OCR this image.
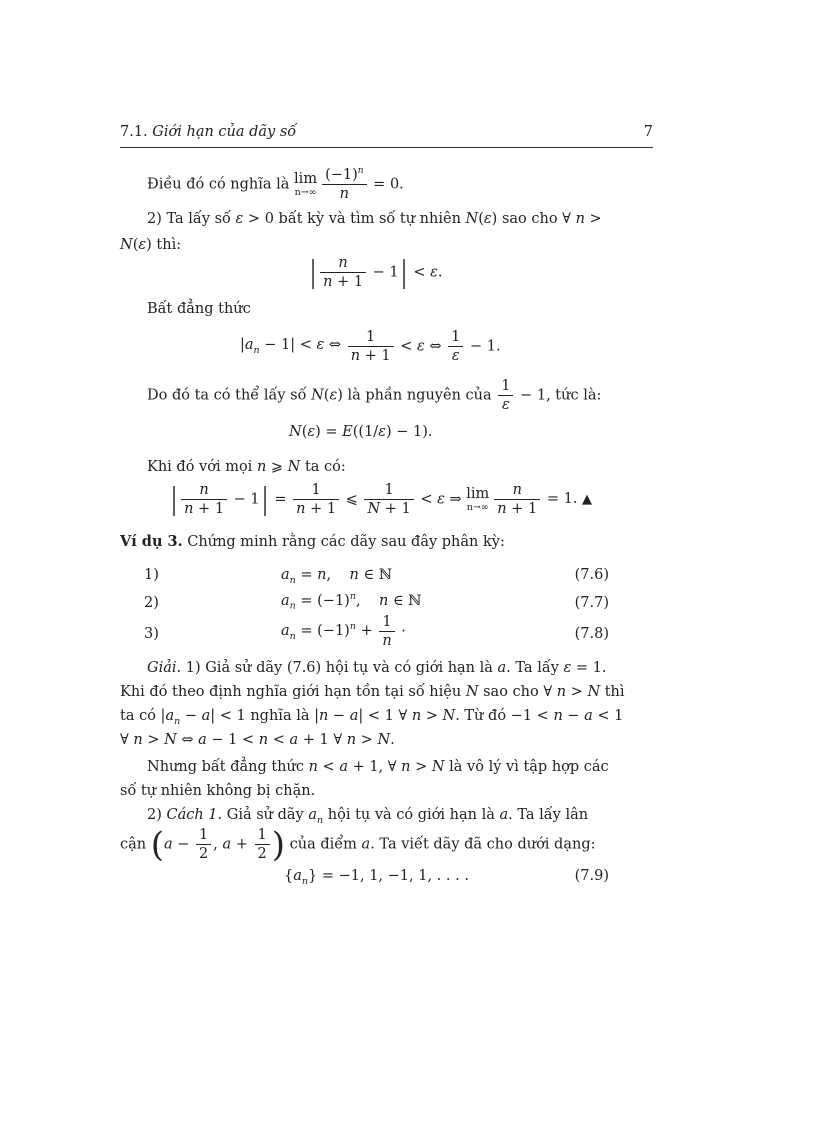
7.1. Giới hạn của dãy số	7
Điều đó có nghĩa là lim
$n\to\infty \frac{(-1)^n}{n} = 0$.
2) Ta lấy số ε > 0 bất kỳ và tìm số tự nhiên N(ε) sao cho ∀ n >
N(ε) thì:
| $\frac{n}{n + 1} - 1| < \varepsilon$.
Bất đẳng thức
$|a_n - 1| < \varepsilon$ ⇔ $\frac{1}{n + 1} < \varepsilon$ ⇔ $\frac{1}{\varepsilon} - 1$.
Do đó ta có thể lấy số N(ε) là phần nguyên của $\frac{1}{\varepsilon} - 1$, tức là:
N(ε) = E((1/ε) − 1).
Khi đó với mọi n ⩾ N ta có:
| $\frac{n}{n + 1} - 1| = \frac{1}{n + 1}$ ⩽ $\frac{1}{N + 1} < \varepsilon$ ⇒ lim
$n\to\infty \frac{n}{n + 1} = 1$. ▲
Ví dụ 3. Chứng minh rằng các dãy sau đây phân kỳ:
1)	$a_n = n$,    n ∈ ℕ	(7.6)
2)	$a_n = (-1)^n$,    n ∈ ℕ	(7.7)
3)	$a_n = (-1)^n + \frac{1}{n}$ ·	(7.8)
Giải. 1) Giả sử dãy (7.6) hội tụ và có giới hạn là a. Ta lấy ε = 1.
Khi đó theo định nghĩa giới hạn tồn tại số hiệu N sao cho ∀ n > N thì
ta có $|a_n - a| < 1$ nghĩa là |n − a| < 1 ∀ n > N. Từ đó −1 < n − a < 1
∀ n > N ⇔ a − 1 < n < a + 1 ∀ n > N.
Nhưng bất đẳng thức n < a + 1, ∀ n > N là vô lý vì tập hợp các
số tự nhiên không bị chặn.
2) Cách 1. Giả sử dãy $a_n$ hội tụ và có giới hạn là a. Ta lấy lân
cận ($a - \frac{1}{2}$ , $a + \frac{1}{2}$ ) của điểm a. Ta viết dãy đã cho dưới dạng:
$\{a_n\} = -1$, 1, −1, 1, . . . .	(7.9)
